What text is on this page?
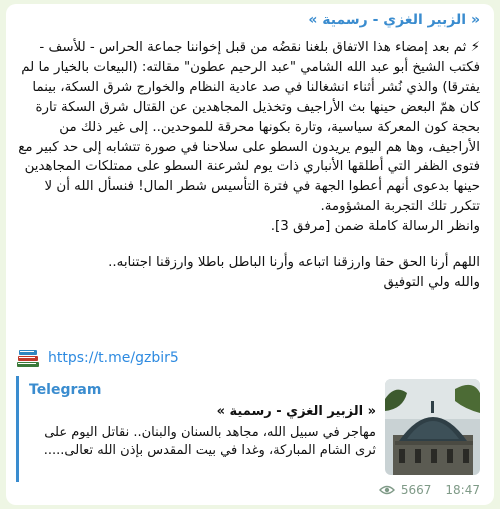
« الزبير الغزي - رسمية »

⚡ ثم بعد إمضاء هذا الاتفاق بلغنا نقضُه من قبل إخواننا جماعة الحراس - للأسف - فكتب الشيخ أبو عبد الله الشامي "عبد الرحيم عطون" مقالته: (البيعات بالخيار ما لم يفترقا) والذي نُشر أثناء انشغالنا في صد عادية النظام والخوارج شرق السكة، بينما كان همّ البعض حينها بث الأراجيف وتخذيل المجاهدين عن القتال شرق السكة تارة بحجة كون المعركة سياسية، وتارة بكونها محرقة للموحدين.. إلى غير ذلك من الأراجيف، وها هم اليوم يريدون السطو على سلاحنا في صورة تتشابه إلى حد كبير مع فتوى الظفر التي أطلقها الأنباري ذات يوم لشرعنة السطو على ممتلكات المجاهدين حينها بدعوى أنهم أعطوا الجهة في فترة التأسيس شطر المال! فنسأل الله أن لا تتكرر تلك التجربة المشؤومة.

وانظر الرسالة كاملة ضمن [مرفق 3].

اللهم أرنا الحق حقا وارزقنا اتباعه وأرنا الباطل باطلا وارزقنا اجتنابه..

والله ولي التوفيق

https://t.me/gzbir5
Telegram
« الزبير الغزي - رسمية »
مهاجر في سبيل الله، مجاهد بالسنان والبنان.. نقاتل اليوم على ثرى الشام المباركة، وغدا في بيت المقدس بإذن الله تعالى.....
5667 18:47
